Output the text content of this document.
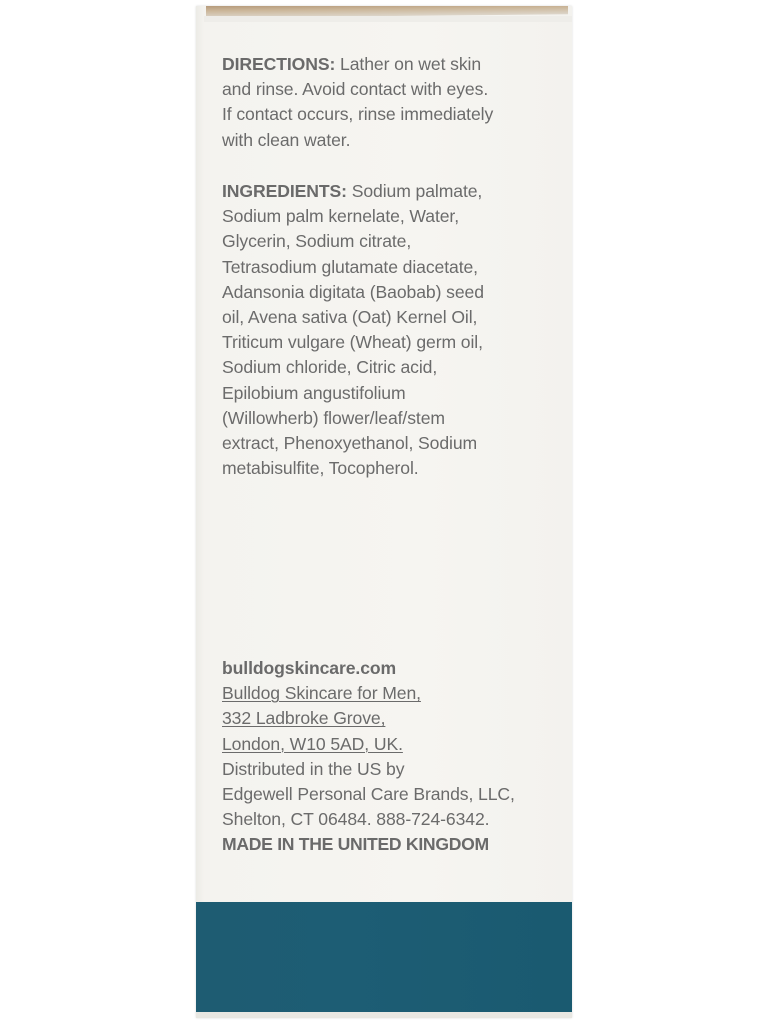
DIRECTIONS: Lather on wet skin
and rinse. Avoid contact with eyes.
If contact occurs, rinse immediately
with clean water.
INGREDIENTS: Sodium palmate,
Sodium palm kernelate, Water,
Glycerin, Sodium citrate,
Tetrasodium glutamate diacetate,
Adansonia digitata (Baobab) seed
oil, Avena sativa (Oat) Kernel Oil,
Triticum vulgare (Wheat) germ oil,
Sodium chloride, Citric acid,
Epilobium angustifolium
(Willowherb) flower/leaf/stem
extract, Phenoxyethanol, Sodium
metabisulfite, Tocopherol.
bulldogskincare.com
Bulldog Skincare for Men,
332 Ladbroke Grove,
London, W10 5AD, UK.
Distributed in the US by
Edgewell Personal Care Brands, LLC,
Shelton, CT 06484. 888-724-6342.
MADE IN THE UNITED KINGDOM
